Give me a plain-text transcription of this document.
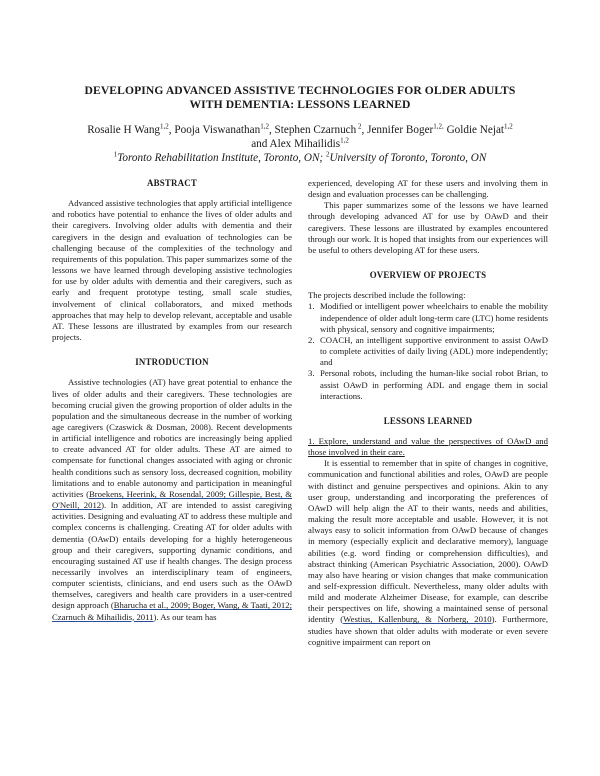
DEVELOPING ADVANCED ASSISTIVE TECHNOLOGIES FOR OLDER ADULTS
WITH DEMENTIA: LESSONS LEARNED
Rosalie H Wang$^{1,2}$, Pooja Viswanathan$^{1,2}$, Stephen Czarnuch $^2$, Jennifer Boger$^{1,2,}$ Goldie Nejat$^{1,2}$
and Alex Mihailidis$^{1,2}$
$^1$Toronto Rehabilitation Institute, Toronto, ON; $^2$University of Toronto, Toronto, ON
ABSTRACT

Advanced assistive technologies that apply artificial intelligence and robotics have potential to enhance the lives of older adults and their caregivers. Involving older adults with dementia and their caregivers in the design and evaluation of technologies can be challenging because of the complexities of the technology and requirements of this population. This paper summarizes some of the lessons we have learned through developing assistive technologies for use by older adults with dementia and their caregivers, such as early and frequent prototype testing, small scale studies, involvement of clinical collaborators, and mixed methods approaches that may help to develop relevant, acceptable and usable AT. These lessons are illustrated by examples from our research projects.

INTRODUCTION

Assistive technologies (AT) have great potential to enhance the lives of older adults and their caregivers. These technologies are becoming crucial given the growing proportion of older adults in the population and the simultaneous decrease in the number of working age caregivers (Czaswick & Dosman, 2008). Recent developments in artificial intelligence and robotics are increasingly being applied to create advanced AT for older adults. These AT are aimed to compensate for functional changes associated with aging or chronic health conditions such as sensory loss, decreased cognition, mobility limitations and to enable autonomy and participation in meaningful activities (Broekens, Heerink, & Rosendal, 2009; Gillespie, Best, & O'Neill, 2012). In addition, AT are intended to assist caregiving activities. Designing and evaluating AT to address these multiple and complex concerns is challenging. Creating AT for older adults with dementia (OAwD) entails developing for a highly heterogeneous group and their caregivers, supporting dynamic conditions, and encouraging sustained AT use if health changes. The design process necessarily involves an interdisciplinary team of engineers, computer scientists, clinicians, and end users such as the OAwD themselves, caregivers and health care providers in a user-centred design approach (Bharucha et al., 2009; Boger, Wang, & Taati, 2012; Czarnuch & Mihailidis, 2011). As our team has

experienced, developing AT for these users and involving them in design and evaluation processes can be challenging.

This paper summarizes some of the lessons we have learned through developing advanced AT for use by OAwD and their caregivers. These lessons are illustrated by examples encountered through our work. It is hoped that insights from our experiences will be useful to others developing AT for these users.

OVERVIEW OF PROJECTS

The projects described include the following:

1. Modified or intelligent power wheelchairs to enable the mobility independence of older adult long-term care (LTC) home residents with physical, sensory and cognitive impairments;
2. COACH, an intelligent supportive environment to assist OAwD to complete activities of daily living (ADL) more independently; and
3. Personal robots, including the human-like social robot Brian, to assist OAwD in performing ADL and engage them in social interactions.
LESSONS LEARNED

1. Explore, understand and value the perspectives of OAwD and those involved in their care.

It is essential to remember that in spite of changes in cognitive, communication and functional abilities and roles, OAwD are people with distinct and genuine perspectives and opinions. Akin to any user group, understanding and incorporating the preferences of OAwD will help align the AT to their wants, needs and abilities, making the result more acceptable and usable. However, it is not always easy to solicit information from OAwD because of changes in memory (especially explicit and declarative memory), language abilities (e.g. word finding or comprehension difficulties), and abstract thinking (American Psychiatric Association, 2000). OAwD may also have hearing or vision changes that make communication and self-expression difficult. Nevertheless, many older adults with mild and moderate Alzheimer Disease, for example, can describe their perspectives on life, showing a maintained sense of personal identity (Westius, Kallenburg, & Norberg, 2010). Furthermore, studies have shown that older adults with moderate or even severe cognitive impairment can report on
